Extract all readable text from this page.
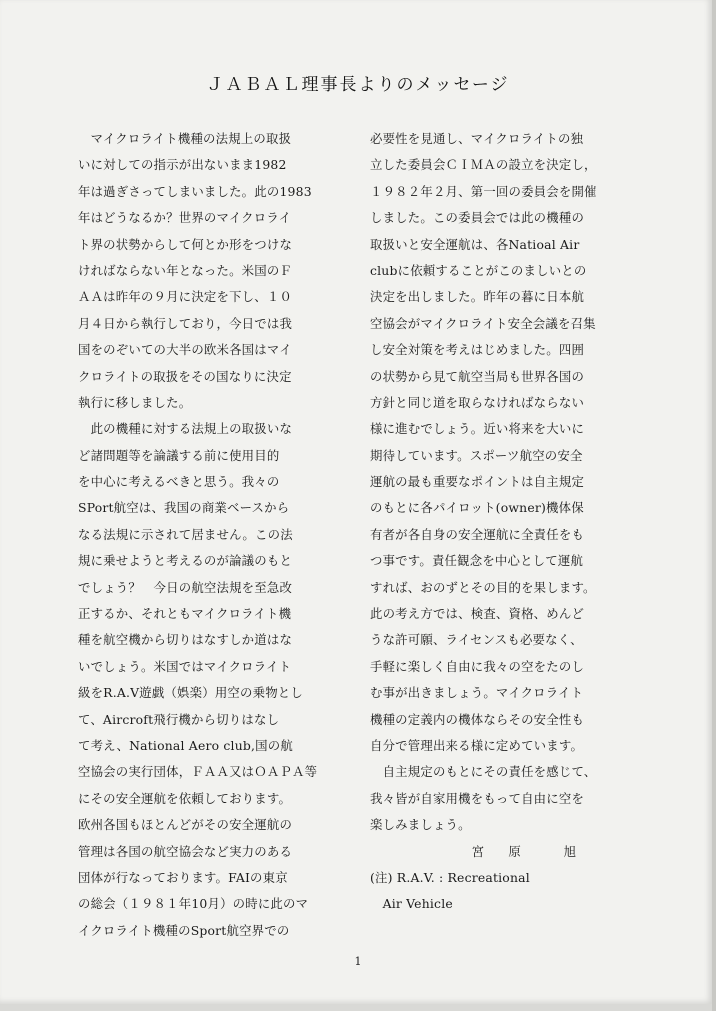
ＪＡＢＡＬ理事長よりのメッセージ
　マイクロライト機種の法規上の取扱
いに対しての指示が出ないまま1982
年は過ぎさってしまいました。此の1983
年はどうなるか？世界のマイクロライ
ト界の状勢からして何とか形をつけな
ければならない年となった。米国のＦ
ＡＡは昨年の９月に決定を下し、１０
月４日から執行しており，今日では我
国をのぞいての大半の欧米各国はマイ
クロライトの取扱をその国なりに決定
執行に移しました。
　此の機種に対する法規上の取扱いな
ど諸問題等を論議する前に使用目的
を中心に考えるべきと思う。我々の
SPort航空は、我国の商業ベースから
なる法規に示されて居ません。この法
規に乗せようと考えるのが論議のもと
でしょう？　今日の航空法規を至急改
正するか、それともマイクロライト機
種を航空機から切りはなすしか道はな
いでしょう。米国ではマイクロライト
級をR.A.V遊戯（娯楽）用空の乗物とし
て、Aircroft飛行機から切りはなし
て考え、National Aero club,国の航
空協会の実行団体，ＦＡＡ又はＯＡＰＡ等
にその安全運航を依頼しております。
欧州各国もほとんどがその安全運航の
管理は各国の航空協会など実力のある
団体が行なっております。FAIの東京
の総会（１９８１年10月）の時に此のマ
イクロライト機種のSport航空界での
必要性を見通し、マイクロライトの独
立した委員会ＣＩＭＡの設立を決定し，
１９８２年２月、第一回の委員会を開催
しました。この委員会では此の機種の
取扱いと安全運航は、各Natioal Air
clubに依頼することがこのましいとの
決定を出しました。昨年の暮に日本航
空協会がマイクロライト安全会議を召集
し安全対策を考えはじめました。四囲
の状勢から見て航空当局も世界各国の
方針と同じ道を取らなければならない
様に進むでしょう。近い将来を大いに
期待しています。スポーツ航空の安全
運航の最も重要なポイントは自主規定
のもとに各パイロット(owner)機体保
有者が各自身の安全運航に全責任をも
つ事です。責任観念を中心として運航
すれば、おのずとその目的を果します。
此の考え方では、検査、資格、めんど
うな許可願、ライセンスも必要なく、
手軽に楽しく自由に我々の空をたのし
む事が出きましょう。マイクロライト
機種の定義内の機体ならその安全性も
自分で管理出来る様に定めています。
　自主規定のもとにその責任を感じて、
我々皆が自家用機をもって自由に空を
楽しみましょう。
宮　原　　旭
(注) R.A.V. : Recreational
　Air Vehicle
1
